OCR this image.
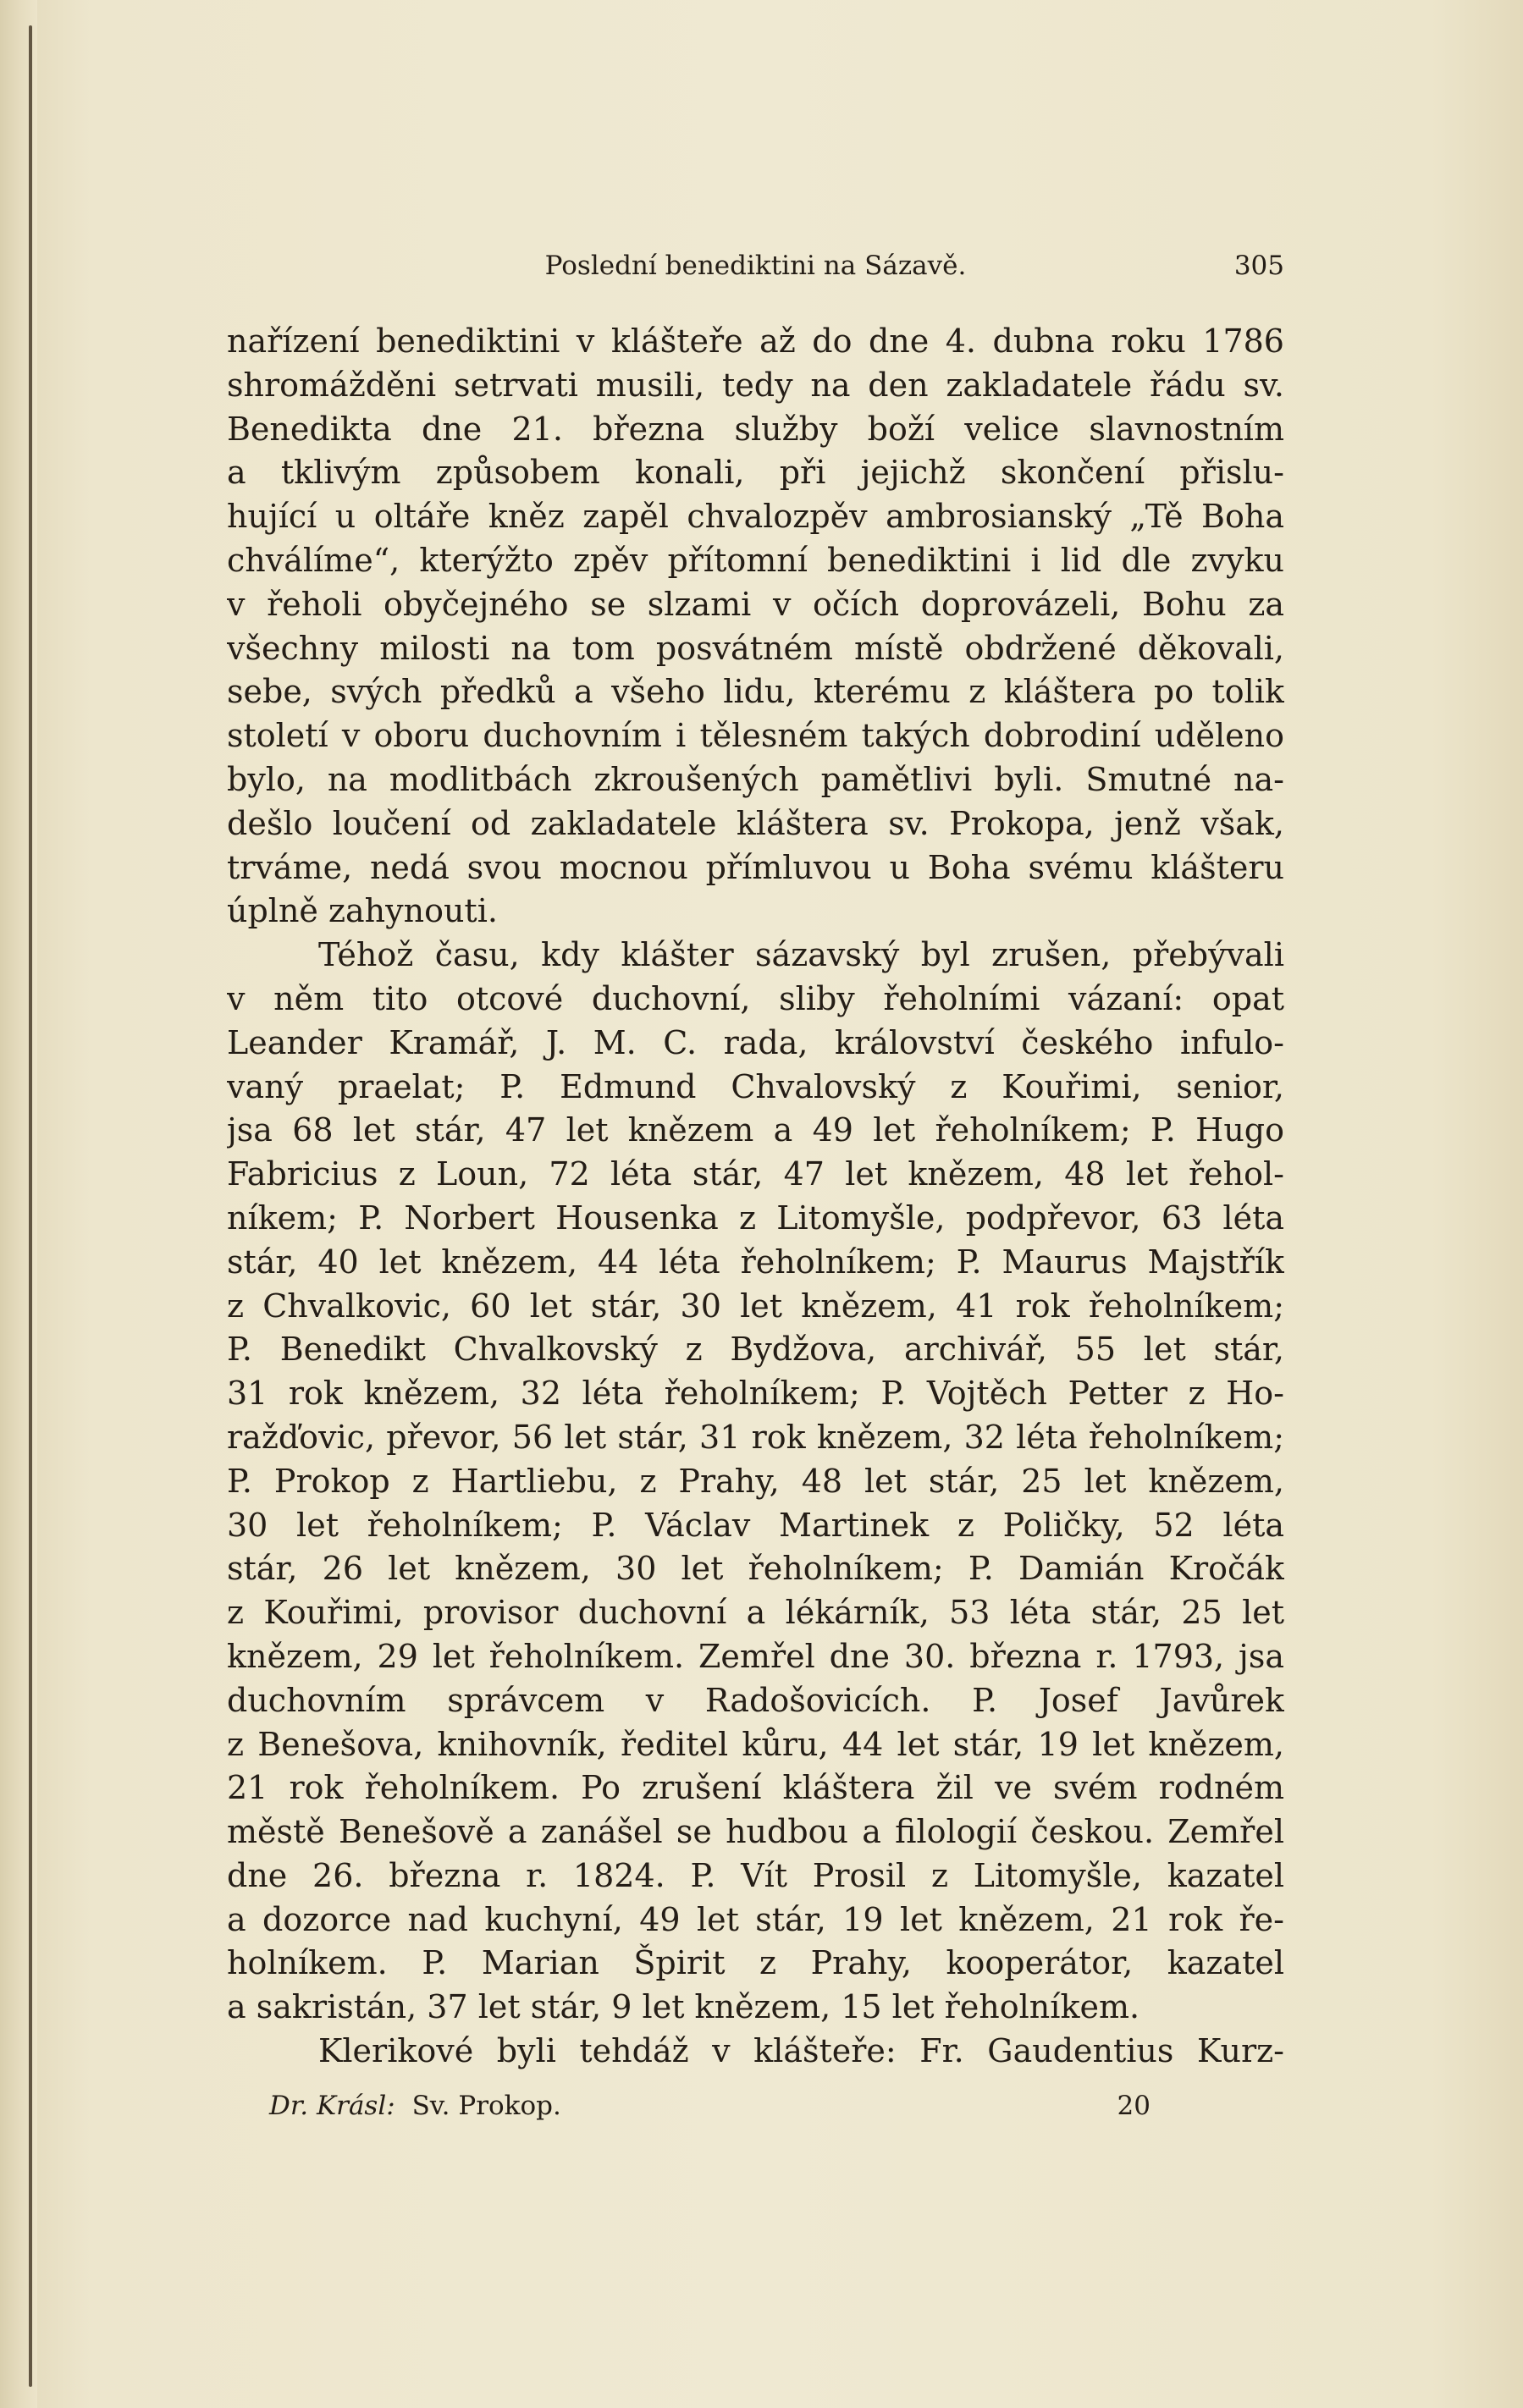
Poslední benediktini na Sázavě.	305
nařízení benediktini v klášteře až do dne 4. dubna roku 1786
shromážděni setrvati musili, tedy na den zakladatele řádu sv.
Benedikta dne 21. března služby boží velice slavnostním
a tklivým způsobem konali, při jejichž skončení přislu-
hující u oltáře kněz zapěl chvalozpěv ambrosianský „Tě Boha
chválíme“, kterýžto zpěv přítomní benediktini i lid dle zvyku
v řeholi obyčejného se slzami v očích doprovázeli, Bohu za
všechny milosti na tom posvátném místě obdržené děkovali,
sebe, svých předků a všeho lidu, kterému z kláštera po tolik
století v oboru duchovním i tělesném takých dobrodiní uděleno
bylo, na modlitbách zkroušených pamětlivi byli. Smutné na-
dešlo loučení od zakladatele kláštera sv. Prokopa, jenž však,
trváme, nedá svou mocnou přímluvou u Boha svému klášteru
úplně zahynouti.
Téhož času, kdy klášter sázavský byl zrušen, přebývali
v něm tito otcové duchovní, sliby řeholními vázaní: opat
Leander Kramář, J. M. C. rada, království českého infulo-
vaný praelat; P. Edmund Chvalovský z Kouřimi, senior,
jsa 68 let stár, 47 let knězem a 49 let řeholníkem; P. Hugo
Fabricius z Loun, 72 léta stár, 47 let knězem, 48 let řehol-
níkem; P. Norbert Housenka z Litomyšle, podpřevor, 63 léta
stár, 40 let knězem, 44 léta řeholníkem; P. Maurus Majstřík
z Chvalkovic, 60 let stár, 30 let knězem, 41 rok řeholníkem;
P. Benedikt Chvalkovský z Bydžova, archivář, 55 let stár,
31 rok knězem, 32 léta řeholníkem; P. Vojtěch Petter z Ho-
ražďovic, převor, 56 let stár, 31 rok knězem, 32 léta řeholníkem;
P. Prokop z Hartliebu, z Prahy, 48 let stár, 25 let knězem,
30 let řeholníkem; P. Václav Martinek z Poličky, 52 léta
stár, 26 let knězem, 30 let řeholníkem; P. Damián Kročák
z Kouřimi, provisor duchovní a lékárník, 53 léta stár, 25 let
knězem, 29 let řeholníkem. Zemřel dne 30. března r. 1793, jsa
duchovním správcem v Radošovicích. P. Josef Javůrek
z Benešova, knihovník, ředitel kůru, 44 let stár, 19 let knězem,
21 rok řeholníkem. Po zrušení kláštera žil ve svém rodném
městě Benešově a zanášel se hudbou a filologií českou. Zemřel
dne 26. března r. 1824. P. Vít Prosil z Litomyšle, kazatel
a dozorce nad kuchyní, 49 let stár, 19 let knězem, 21 rok ře-
holníkem. P. Marian Špirit z Prahy, kooperátor, kazatel
a sakristán, 37 let stár, 9 let knězem, 15 let řeholníkem.
Klerikové byli tehdáž v klášteře: Fr. Gaudentius Kurz-
Dr. Krásl: Sv. Prokop.	20
